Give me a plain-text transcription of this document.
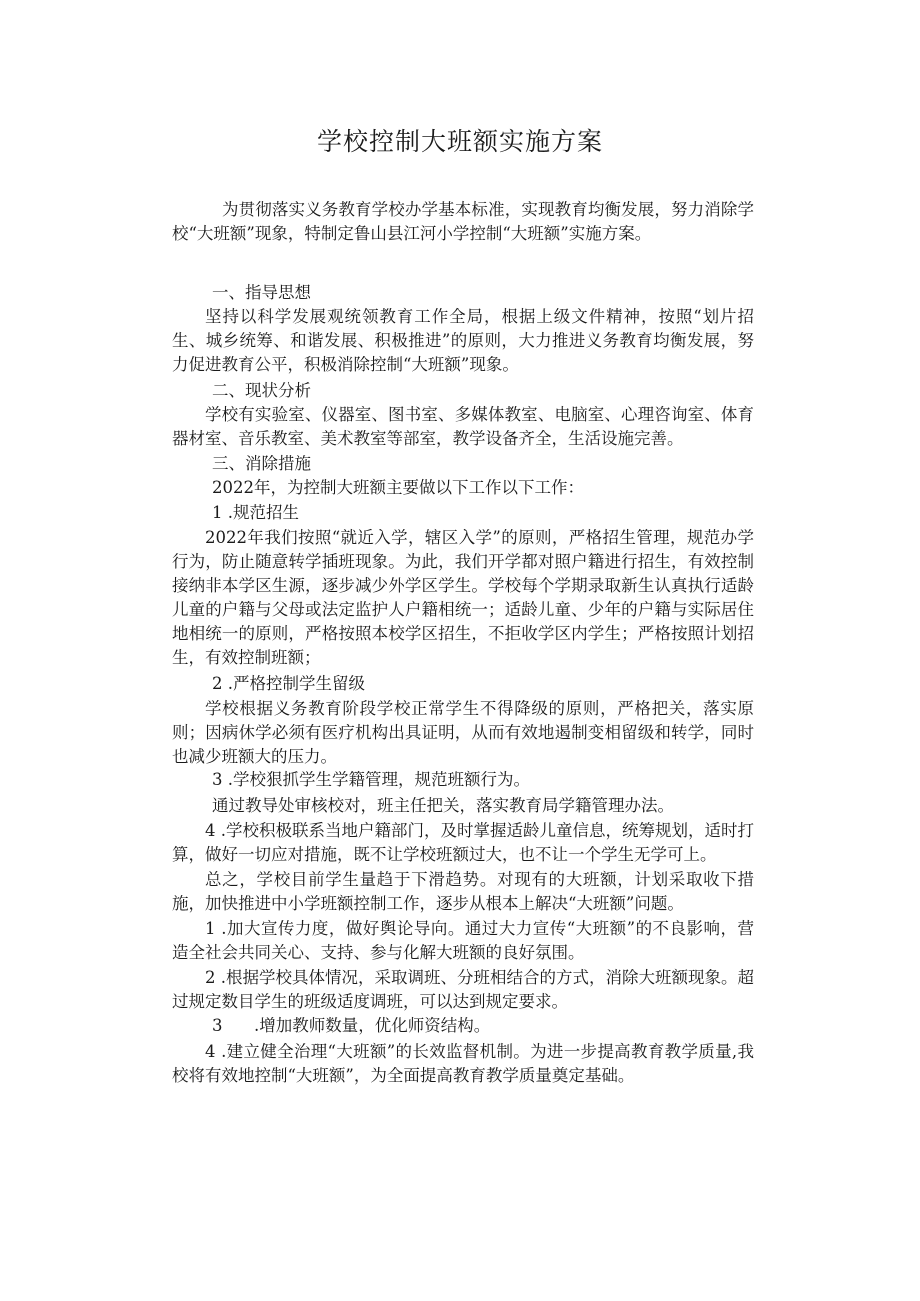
学校控制大班额实施方案

为贯彻落实义务教育学校办学基本标准，实现教育均衡发展，努力消除学校“大班额”现象，特制定鲁山县江河小学控制“大班额”实施方案。

一、指导思想

坚持以科学发展观统领教育工作全局，根据上级文件精神，按照“划片招生、城乡统筹、和谐发展、积极推进”的原则，大力推进义务教育均衡发展，努力促进教育公平，积极消除控制“大班额”现象。

二、现状分析

学校有实验室、仪器室、图书室、多媒体教室、电脑室、心理咨询室、体育器材室、音乐教室、美术教室等部室，教学设备齐全，生活设施完善。

三、消除措施

2022年，为控制大班额主要做以下工作以下工作：

1 .规范招生

2022年我们按照“就近入学，辖区入学”的原则，严格招生管理，规范办学行为，防止随意转学插班现象。为此，我们开学都对照户籍进行招生，有效控制接纳非本学区生源，逐步减少外学区学生。学校每个学期录取新生认真执行适龄儿童的户籍与父母或法定监护人户籍相统一；适龄儿童、少年的户籍与实际居住地相统一的原则，严格按照本校学区招生，不拒收学区内学生；严格按照计划招生，有效控制班额；

2 .严格控制学生留级

学校根据义务教育阶段学校正常学生不得降级的原则，严格把关，落实原则；因病休学必须有医疗机构出具证明，从而有效地遏制变相留级和转学，同时也减少班额大的压力。

3 .学校狠抓学生学籍管理，规范班额行为。

通过教导处审核校对，班主任把关，落实教育局学籍管理办法。

4 .学校积极联系当地户籍部门，及时掌握适龄儿童信息，统筹规划，适时打算，做好一切应对措施，既不让学校班额过大，也不让一个学生无学可上。

总之，学校目前学生量趋于下滑趋势。对现有的大班额，计划采取收下措施，加快推进中小学班额控制工作，逐步从根本上解决“大班额”问题。

1 .加大宣传力度，做好舆论导向。通过大力宣传“大班额”的不良影响，营造全社会共同关心、支持、参与化解大班额的良好氛围。

2 .根据学校具体情况，采取调班、分班相结合的方式，消除大班额现象。超过规定数目学生的班级适度调班，可以达到规定要求。

3      .增加教师数量，优化师资结构。

4 .建立健全治理“大班额”的长效监督机制。为进一步提高教育教学质量,我校将有效地控制“大班额”，为全面提高教育教学质量奠定基础。
